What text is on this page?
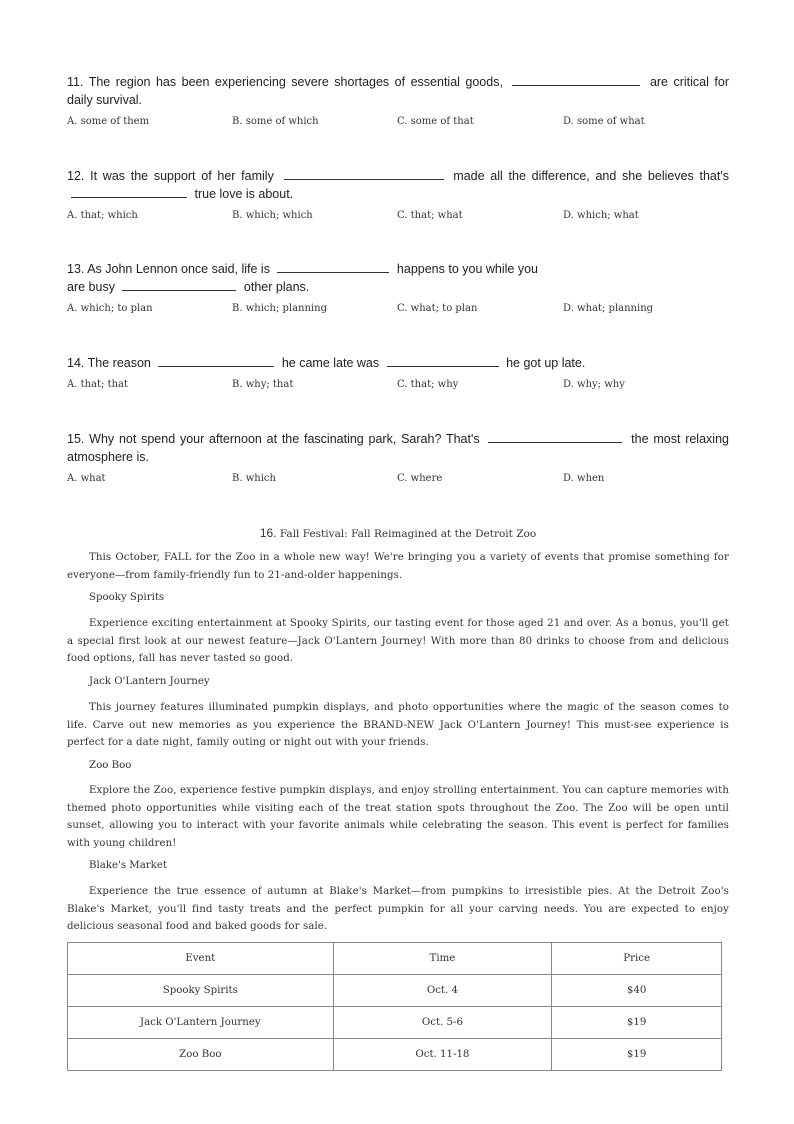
11. The region has been experiencing severe shortages of essential goods,	are critical for daily survival.
A. some of them	B. some of which	C. some of that	D. some of what
12. It was the support of her family	made all the difference, and she believes that's  true love is about.
A. that; which	B. which; which	C. that; what	D. which; what
13. As John Lennon once said, life is	happens to you while you are busy	other plans.
A. which; to plan	B. which; planning	C. what; to plan	D. what; planning
14. The reason	he came late was	he got up late.
A. that; that	B. why; that	C. that; why	D. why; why
15. Why not spend your afternoon at the fascinating park, Sarah? That's	the most relaxing atmosphere is.
A. what	B. which	C. where	D. when
16. Fall Festival: Fall Reimagined at the Detroit Zoo
This October, FALL for the Zoo in a whole new way! We're bringing you a variety of events that promise something for everyone—from family-friendly fun to 21-and-older happenings.
Spooky Spirits
Experience exciting entertainment at Spooky Spirits, our tasting event for those aged 21 and over. As a bonus, you'll get a special first look at our newest feature—Jack O'Lantern Journey! With more than 80 drinks to choose from and delicious food options, fall has never tasted so good.
Jack O'Lantern Journey
This journey features illuminated pumpkin displays, and photo opportunities where the magic of the season comes to life. Carve out new memories as you experience the BRAND-NEW Jack O'Lantern Journey! This must-see experience is perfect for a date night, family outing or night out with your friends.
Zoo Boo
Explore the Zoo, experience festive pumpkin displays, and enjoy strolling entertainment. You can capture memories with themed photo opportunities while visiting each of the treat station spots throughout the Zoo. The Zoo will be open until sunset, allowing you to interact with your favorite animals while celebrating the season. This event is perfect for families with young children!
Blake's Market
Experience the true essence of autumn at Blake's Market—from pumpkins to irresistible pies. At the Detroit Zoo's Blake's Market, you'll find tasty treats and the perfect pumpkin for all your carving needs. You are expected to enjoy delicious seasonal food and baked goods for sale.
Event	Time	Price
Spooky Spirits	Oct. 4	$40
Jack O'Lantern Journey	Oct. 5-6	$19
Zoo Boo	Oct. 11-18	$19
